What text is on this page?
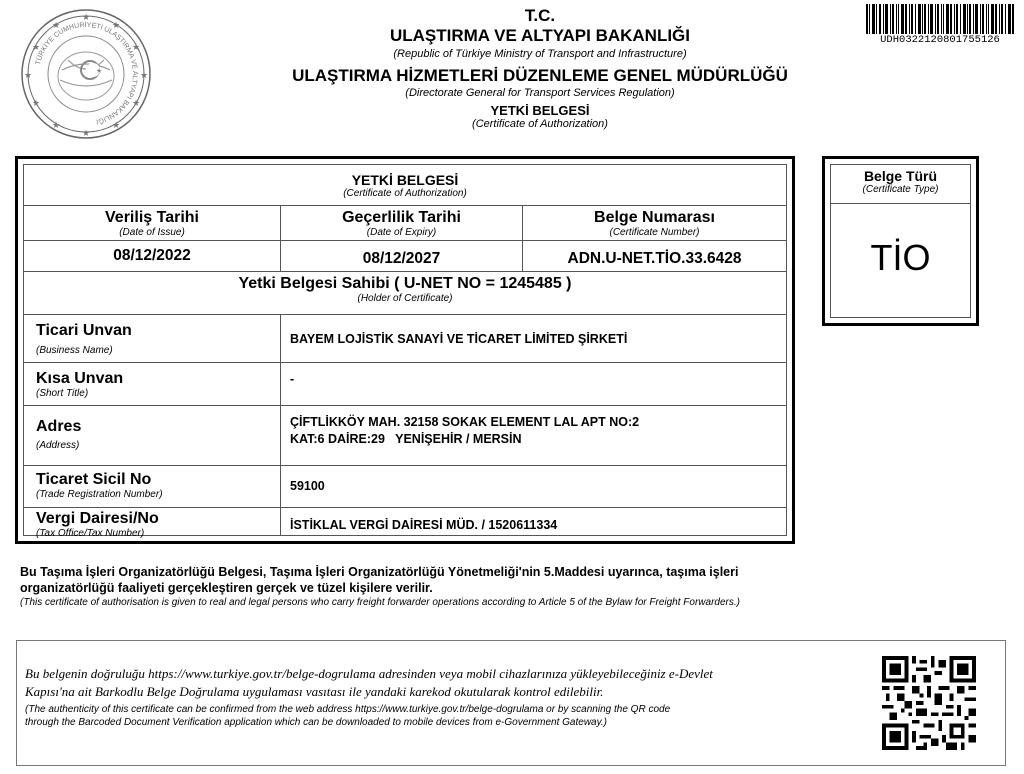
★
★
★
★
★
★
★
★
★
★
★
★
TÜRKİYE CUMHURİYETİ ULAŞTIRMA VE ALTYAPI BAKANLIĞI
★
UDH0322120801755126
T.C.
ULAŞTIRMA VE ALTYAPI BAKANLIĞI
(Republic of Türkiye Ministry of Transport and Infrastructure)
ULAŞTIRMA HİZMETLERİ DÜZENLEME GENEL MÜDÜRLÜĞÜ
(Directorate General for Transport Services Regulation)
YETKİ BELGESİ
(Certificate of Authorization)
YETKİ BELGESİ
(Certificate of Authorization)
Veriliş Tarihi
(Date of Issue)
Geçerlilik Tarihi
(Date of Expiry)
Belge Numarası
(Certificate Number)
08/12/2022	08/12/2027	ADN.U-NET.TİO.33.6428
Yetki Belgesi Sahibi ( U-NET NO = 1245485 )
(Holder of Certificate)
Ticari Unvan
(Business Name)
BAYEM LOJİSTİK SANAYİ VE TİCARET LİMİTED ŞİRKETİ
Kısa Unvan
(Short Title)
-
Adres
(Address)
ÇİFTLİKKÖY MAH. 32158 SOKAK ELEMENT LAL APT NO:2
KAT:6 DAİRE:29   YENİŞEHİR / MERSİN
Ticaret Sicil No
(Trade Registration Number)
59100
Vergi Dairesi/No
(Tax Office/Tax Number)
İSTİKLAL VERGİ DAİRESİ MÜD. / 1520611334
Belge Türü
(Certificate Type)
TİO
Bu Taşıma İşleri Organizatörlüğü Belgesi, Taşıma İşleri Organizatörlüğü Yönetmeliği'nin 5.Maddesi uyarınca, taşıma işleri
organizatörlüğü faaliyeti gerçekleştiren gerçek ve tüzel kişilere verilir.
(This certificate of authorisation is given to real and legal persons who carry freight forwarder operations according to Article 5 of the Bylaw for Freight Forwarders.)
Bu belgenin doğruluğu https://www.turkiye.gov.tr/belge-dogrulama adresinden veya mobil cihazlarınıza yükleyebileceğiniz e-Devlet
Kapısı'na ait Barkodlu Belge Doğrulama uygulaması vasıtası ile yandaki karekod okutularak kontrol edilebilir.
(The authenticity of this certificate can be confirmed from the web address https://www.turkiye.gov.tr/belge-dogrulama or by scanning the QR code
through the Barcoded Document Verification application which can be downloaded to mobile devices from e-Government Gateway.)
